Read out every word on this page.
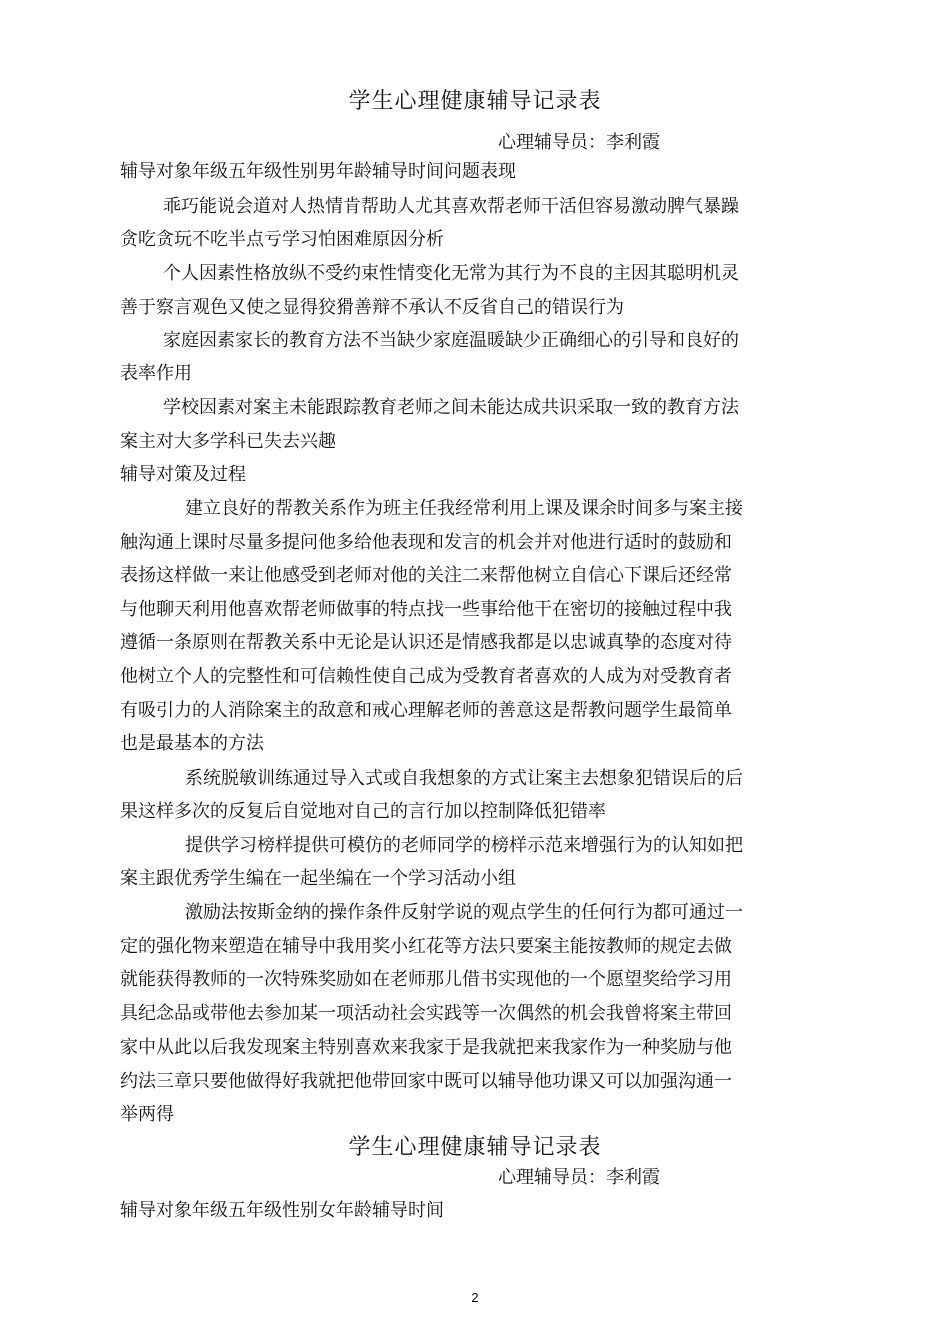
学生心理健康辅导记录表
心理辅导员：李利霞
辅导对象年级五年级性别男年龄辅导时间问题表现
乖巧能说会道对人热情肯帮助人尤其喜欢帮老师干活但容易激动脾气暴躁
贪吃贪玩不吃半点亏学习怕困难原因分析
个人因素性格放纵不受约束性情变化无常为其行为不良的主因其聪明机灵
善于察言观色又使之显得狡猾善辩不承认不反省自己的错误行为
家庭因素家长的教育方法不当缺少家庭温暖缺少正确细心的引导和良好的
表率作用
学校因素对案主未能跟踪教育老师之间未能达成共识采取一致的教育方法
案主对大多学科已失去兴趣
辅导对策及过程
建立良好的帮教关系作为班主任我经常利用上课及课余时间多与案主接
触沟通上课时尽量多提问他多给他表现和发言的机会并对他进行适时的鼓励和
表扬这样做一来让他感受到老师对他的关注二来帮他树立自信心下课后还经常
与他聊天利用他喜欢帮老师做事的特点找一些事给他干在密切的接触过程中我
遵循一条原则在帮教关系中无论是认识还是情感我都是以忠诚真挚的态度对待
他树立个人的完整性和可信赖性使自己成为受教育者喜欢的人成为对受教育者
有吸引力的人消除案主的敌意和戒心理解老师的善意这是帮教问题学生最简单
也是最基本的方法
系统脱敏训练通过导入式或自我想象的方式让案主去想象犯错误后的后
果这样多次的反复后自觉地对自己的言行加以控制降低犯错率
提供学习榜样提供可模仿的老师同学的榜样示范来增强行为的认知如把
案主跟优秀学生编在一起坐编在一个学习活动小组
激励法按斯金纳的操作条件反射学说的观点学生的任何行为都可通过一
定的强化物来塑造在辅导中我用奖小红花等方法只要案主能按教师的规定去做
就能获得教师的一次特殊奖励如在老师那儿借书实现他的一个愿望奖给学习用
具纪念品或带他去参加某一项活动社会实践等一次偶然的机会我曾将案主带回
家中从此以后我发现案主特别喜欢来我家于是我就把来我家作为一种奖励与他
约法三章只要他做得好我就把他带回家中既可以辅导他功课又可以加强沟通一
举两得
学生心理健康辅导记录表
心理辅导员：李利霞
辅导对象年级五年级性别女年龄辅导时间
2
